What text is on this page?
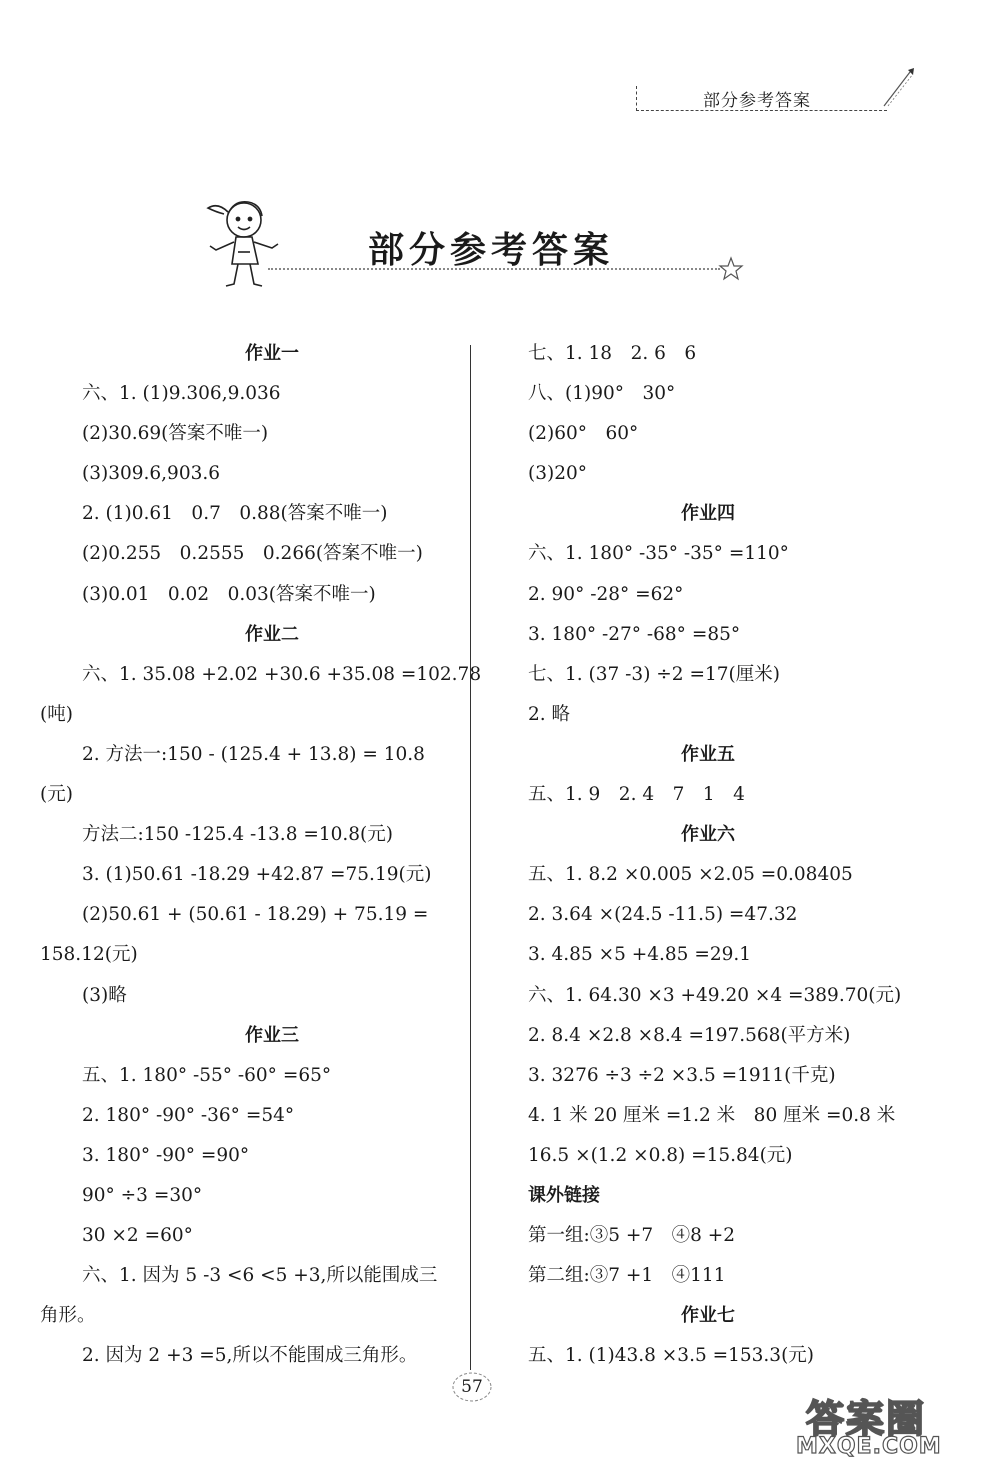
部分参考答案
部分参考答案
作业一
六、1. (1)9.306,9.036
(2)30.69(答案不唯一)
(3)309.6,903.6
2. (1)0.61　0.7　0.88(答案不唯一)
(2)0.255　0.2555　0.266(答案不唯一)
(3)0.01　0.02　0.03(答案不唯一)
作业二
六、1. 35.08 +2.02 +30.6 +35.08 =102.78
(吨)
2. 方法一:150 - (125.4 + 13.8) = 10.8
(元)
方法二:150 -125.4 -13.8 =10.8(元)
3. (1)50.61 -18.29 +42.87 =75.19(元)
(2)50.61 + (50.61 - 18.29) + 75.19 =
158.12(元)
(3)略
作业三
五、1. 180° -55° -60° =65°
2. 180° -90° -36° =54°
3. 180° -90° =90°
90° ÷3 =30°
30 ×2 =60°
六、1. 因为 5 -3 <6 <5 +3,所以能围成三
角形。
2. 因为 2 +3 =5,所以不能围成三角形。
七、1. 18　2. 6　6
八、(1)90°　30°
(2)60°　60°
(3)20°
作业四
六、1. 180° -35° -35° =110°
2. 90° -28° =62°
3. 180° -27° -68° =85°
七、1. (37 -3) ÷2 =17(厘米)
2. 略
作业五
五、1. 9　2. 4　7　1　4
作业六
五、1. 8.2 ×0.005 ×2.05 =0.08405
2. 3.64 ×(24.5 -11.5) =47.32
3. 4.85 ×5 +4.85 =29.1
六、1. 64.30 ×3 +49.20 ×4 =389.70(元)
2. 8.4 ×2.8 ×8.4 =197.568(平方米)
3. 3276 ÷3 ÷2 ×3.5 =1911(千克)
4. 1 米 20 厘米 =1.2 米　80 厘米 =0.8 米
16.5 ×(1.2 ×0.8) =15.84(元)
课外链接
第一组:③5 +7　④8 +2
第二组:③7 +1　④111
作业七
五、1. (1)43.8 ×3.5 =153.3(元)
57
答案圈
MXQE.COM
